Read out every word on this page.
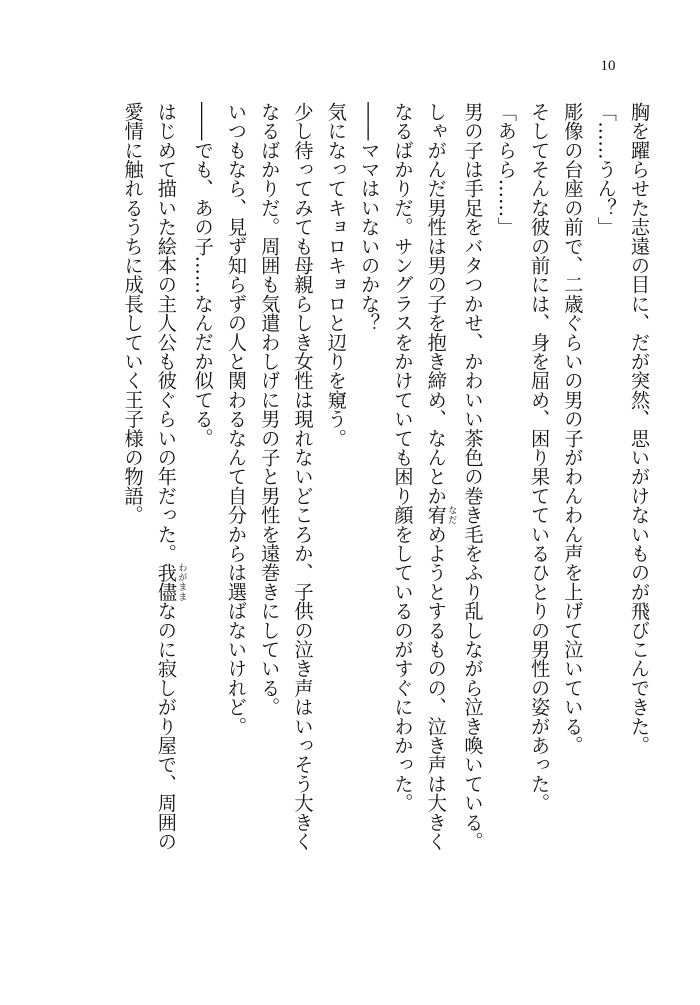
10
胸を躍らせた志遠の目に、だが突然、思いがけないものが飛びこんできた。
「……うん？」
彫像の台座の前で、二歳ぐらいの男の子がわんわん声を上げて泣いている。
そしてそんな彼の前には、身を屈め、困り果てているひとりの男性の姿があった。
「あらら……」
男の子は手足をバタつかせ、かわいい茶色の巻き毛をふり乱しながら泣き喚いている。
しゃがんだ男性は男の子を抱き締め、なんとか宥なだめようとするものの、泣き声は大きく
なるばかりだ。サングラスをかけていても困り顔をしているのがすぐにわかった。
――ママはいないのかな？
気になってキョロキョロと辺りを窺う。
少し待ってみても母親らしき女性は現れないどころか、子供の泣き声はいっそう大きく
なるばかりだ。周囲も気遣わしげに男の子と男性を遠巻きにしている。
いつもなら、見ず知らずの人と関わるなんて自分からは選ばないけれど。
――でも、あの子……なんだか似てる。
はじめて描いた絵本の主人公も彼ぐらいの年だった。我儘わがままなのに寂しがり屋で、周囲の
愛情に触れるうちに成長していく王子様の物語。
